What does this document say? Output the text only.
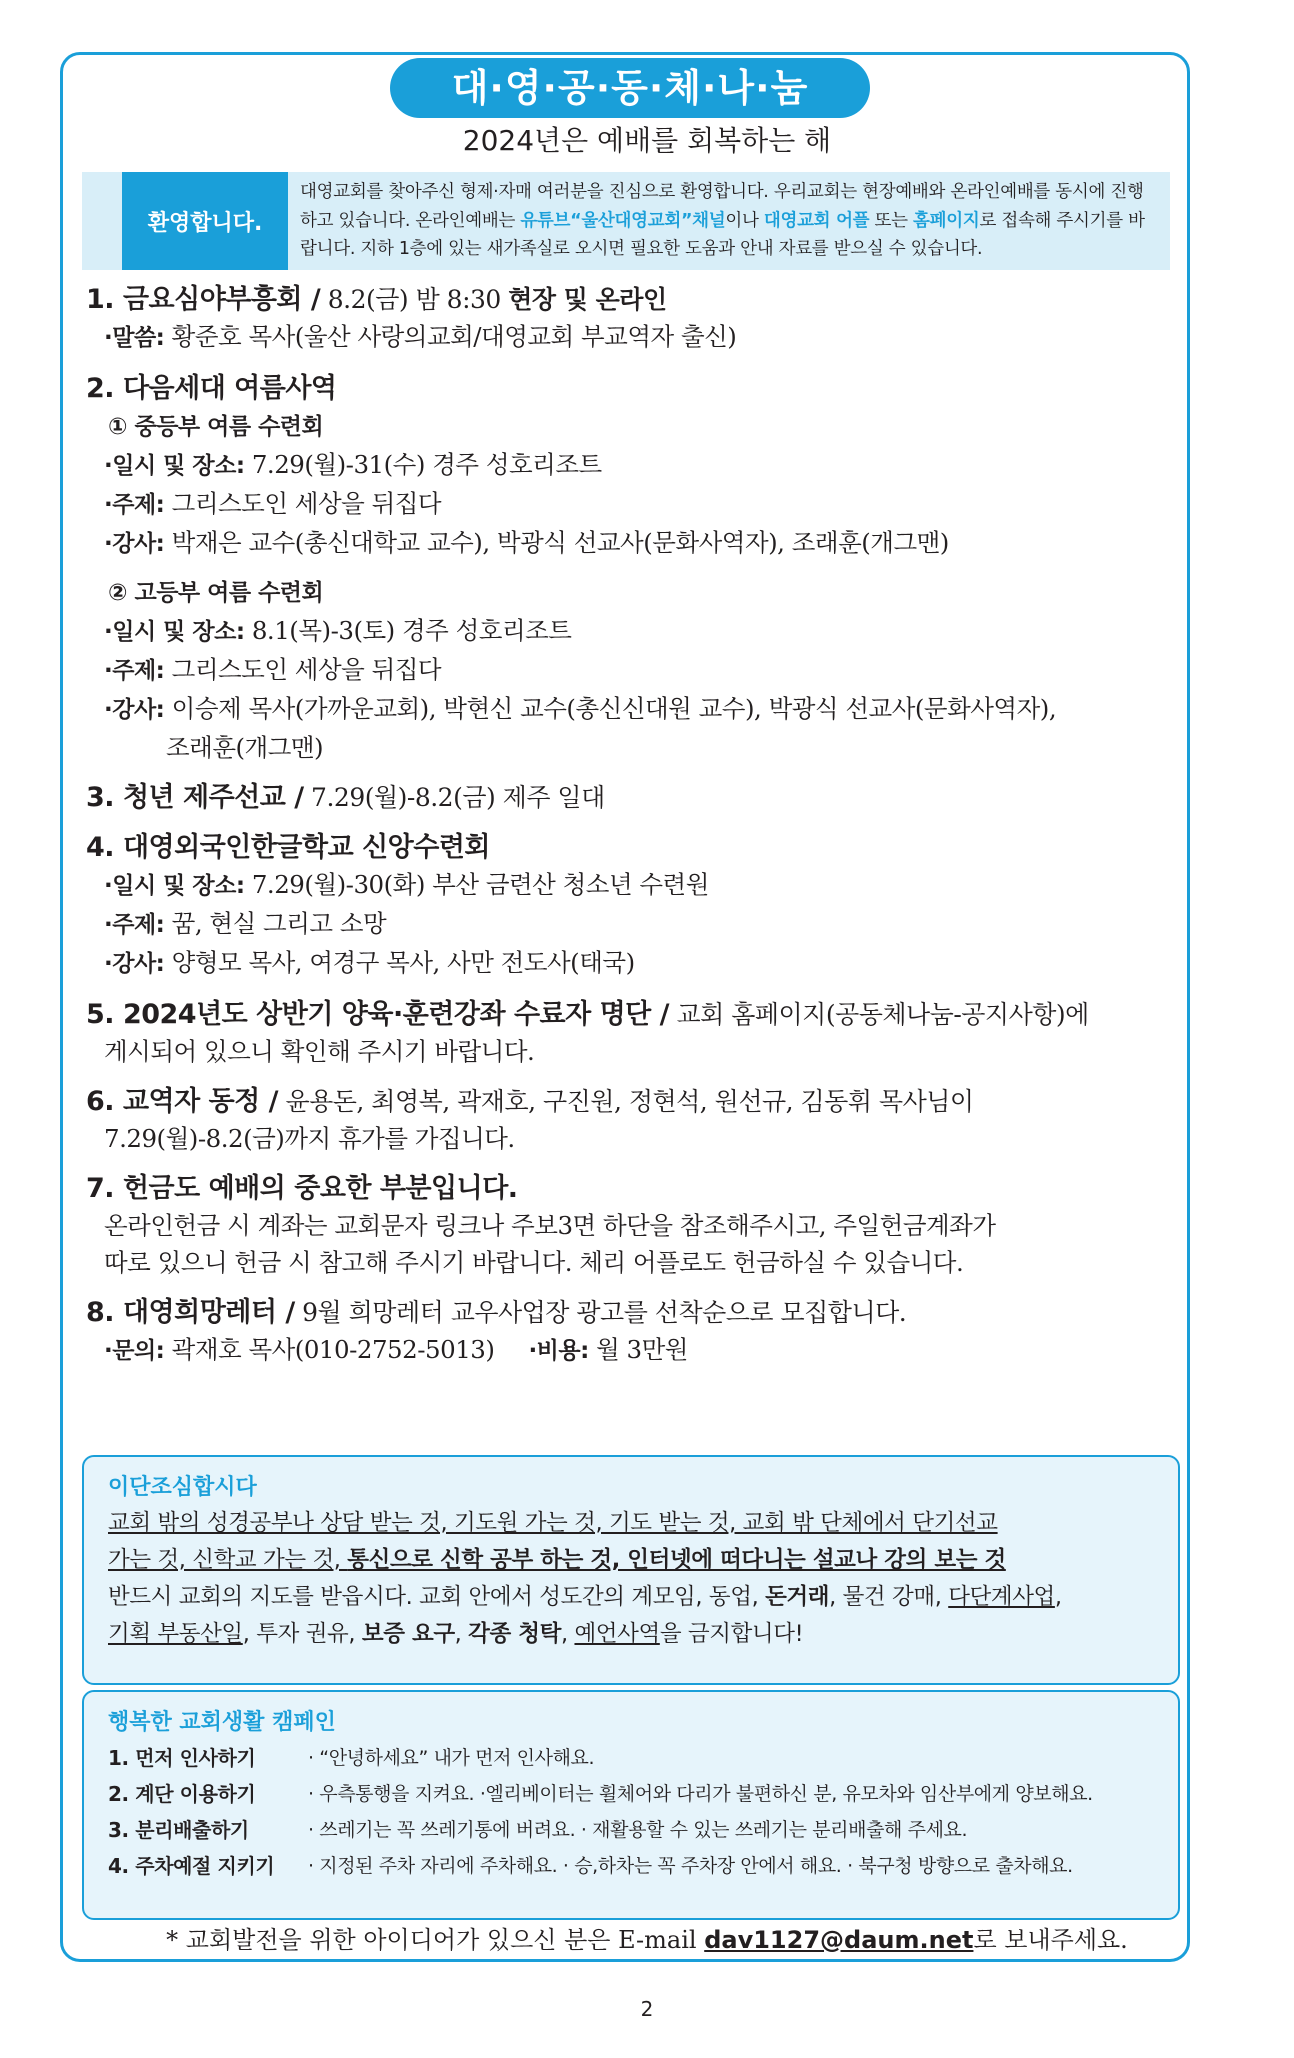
대·영·공·동·체·나·눔
2024년은 예배를 회복하는 해
환영합니다.
대영교회를 찾아주신 형제·자매 여러분을 진심으로 환영합니다. 우리교회는 현장예배와 온라인예배를 동시에 진행하고 있습니다. 온라인예배는 유튜브“울산대영교회”채널이나 대영교회 어플 또는 홈페이지로 접속해 주시기를 바랍니다. 지하 1층에 있는 새가족실로 오시면 필요한 도움과 안내 자료를 받으실 수 있습니다.
1. 금요심야부흥회 / 8.2(금) 밤 8:30 현장 및 온라인
·말씀: 황준호 목사(울산 사랑의교회/대영교회 부교역자 출신)
2. 다음세대 여름사역
① 중등부 여름 수련회
·일시 및 장소: 7.29(월)-31(수) 경주 성호리조트
·주제: 그리스도인 세상을 뒤집다
·강사: 박재은 교수(총신대학교 교수), 박광식 선교사(문화사역자), 조래훈(개그맨)
② 고등부 여름 수련회
·일시 및 장소: 8.1(목)-3(토) 경주 성호리조트
·주제: 그리스도인 세상을 뒤집다
·강사: 이승제 목사(가까운교회), 박현신 교수(총신신대원 교수), 박광식 선교사(문화사역자),
조래훈(개그맨)
3. 청년 제주선교 / 7.29(월)-8.2(금) 제주 일대
4. 대영외국인한글학교 신앙수련회
·일시 및 장소: 7.29(월)-30(화) 부산 금련산 청소년 수련원
·주제: 꿈, 현실 그리고 소망
·강사: 양형모 목사, 여경구 목사, 사만 전도사(태국)
5. 2024년도 상반기 양육·훈련강좌 수료자 명단 / 교회 홈페이지(공동체나눔-공지사항)에
게시되어 있으니 확인해 주시기 바랍니다.
6. 교역자 동정 / 윤용돈, 최영복, 곽재호, 구진원, 정현석, 원선규, 김동휘 목사님이
7.29(월)-8.2(금)까지 휴가를 가집니다.
7. 헌금도 예배의 중요한 부분입니다.
온라인헌금 시 계좌는 교회문자 링크나 주보3면 하단을 참조해주시고, 주일헌금계좌가
따로 있으니 헌금 시 참고해 주시기 바랍니다. 체리 어플로도 헌금하실 수 있습니다.
8. 대영희망레터 / 9월 희망레터 교우사업장 광고를 선착순으로 모집합니다.
·문의: 곽재호 목사(010-2752-5013) ·비용: 월 3만원
이단조심합시다

교회 밖의 성경공부나 상담 받는 것, 기도원 가는 것, 기도 받는 것, 교회 밖 단체에서 단기선교

가는 것, 신학교 가는 것, 통신으로 신학 공부 하는 것, 인터넷에 떠다니는 설교나 강의 보는 것

반드시 교회의 지도를 받읍시다. 교회 안에서 성도간의 계모임, 동업, 돈거래, 물건 강매, 다단계사업,

기획 부동산일, 투자 권유, 보증 요구, 각종 청탁, 예언사역을 금지합니다!

행복한 교회생활 캠페인
1. 먼저 인사하기	· “안녕하세요” 내가 먼저 인사해요.
2. 계단 이용하기	· 우측통행을 지켜요. ·엘리베이터는 휠체어와 다리가 불편하신 분, 유모차와 임산부에게 양보해요.
3. 분리배출하기	· 쓰레기는 꼭 쓰레기통에 버려요. · 재활용할 수 있는 쓰레기는 분리배출해 주세요.
4. 주차예절 지키기	· 지정된 주차 자리에 주차해요. · 승,하차는 꼭 주차장 안에서 해요. · 북구청 방향으로 출차해요.
* 교회발전을 위한 아이디어가 있으신 분은 E-mail dav1127@daum.net로 보내주세요.
2
